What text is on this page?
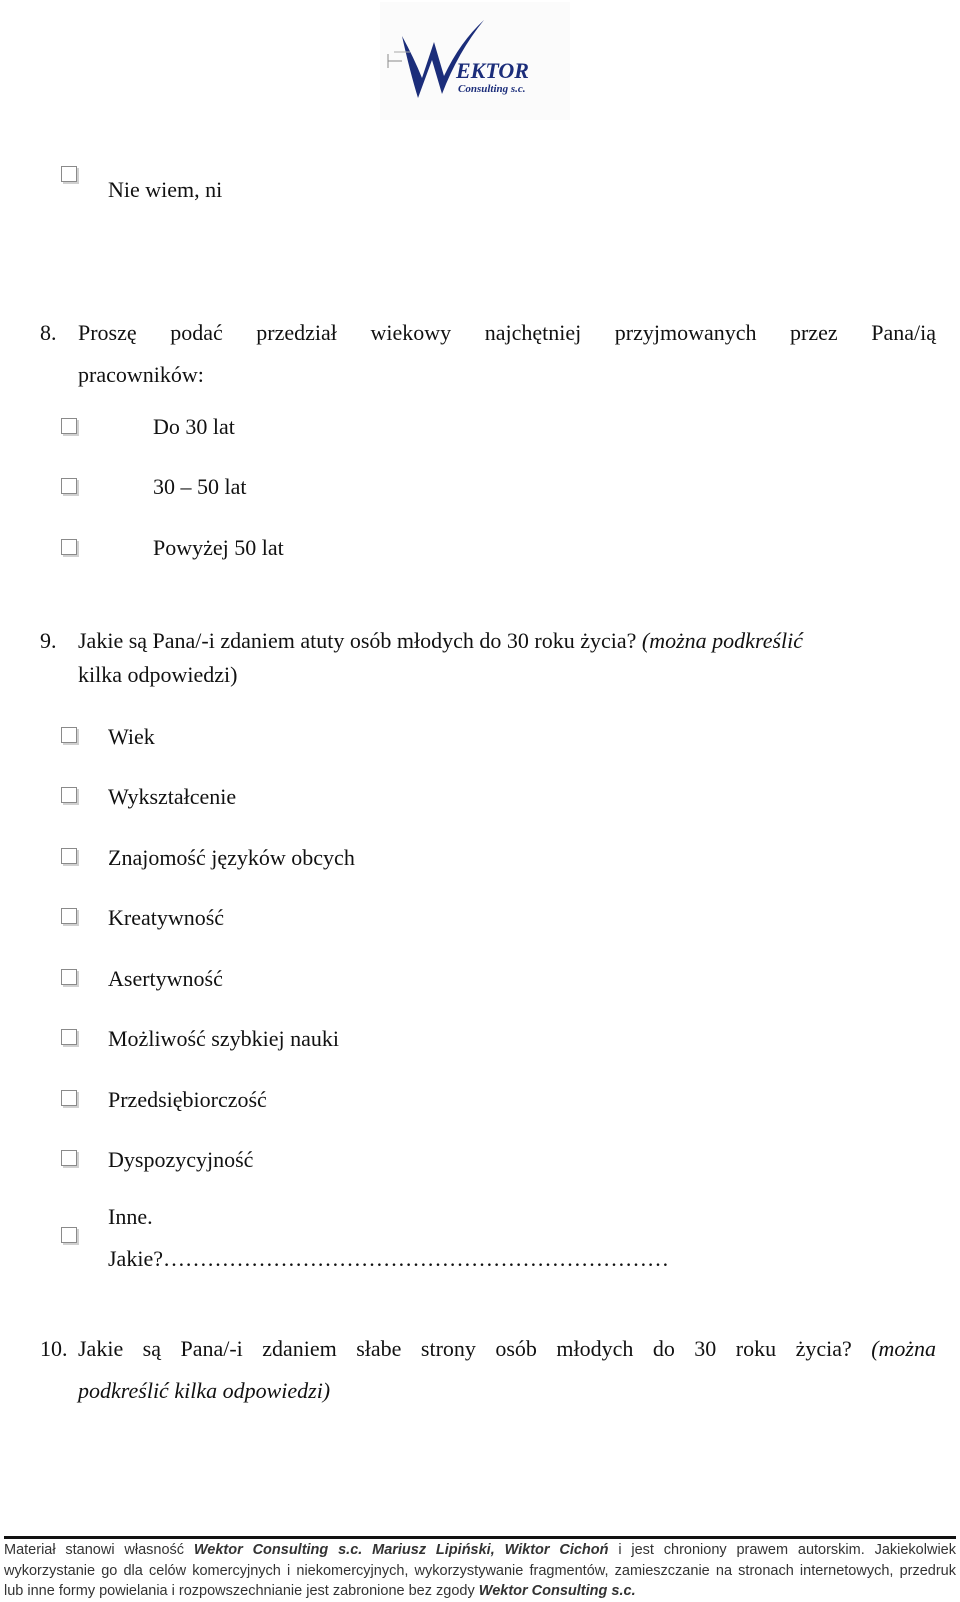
EKTOR
Consulting s.c.
Nie wiem, ni
8. Proszę podać przedział wiekowy najchętniej przyjmowanych przez Pana/ią
pracowników:
Do 30 lat
30 – 50 lat
Powyżej 50 lat
9. Jakie są Pana/-i zdaniem atuty osób młodych do 30 roku życia? (można podkreślić
kilka odpowiedzi)
Wiek
Wykształcenie
Znajomość języków obcych
Kreatywność
Asertywność
Możliwość szybkiej nauki
Przedsiębiorczość
Dyspozycyjność
Inne.
Jakie?……………………………………………………………
10. Jakie są Pana/-i zdaniem słabe strony osób młodych do 30 roku życia? (można
podkreślić kilka odpowiedzi)
Materiał stanowi własność Wektor Consulting s.c. Mariusz Lipiński, Wiktor Cichoń i jest chroniony prawem autorskim. Jakiekolwiek
wykorzystanie go dla celów komercyjnych i niekomercyjnych, wykorzystywanie fragmentów, zamieszczanie na stronach internetowych, przedruk
lub inne formy powielania i rozpowszechnianie jest zabronione bez zgody Wektor Consulting s.c.
